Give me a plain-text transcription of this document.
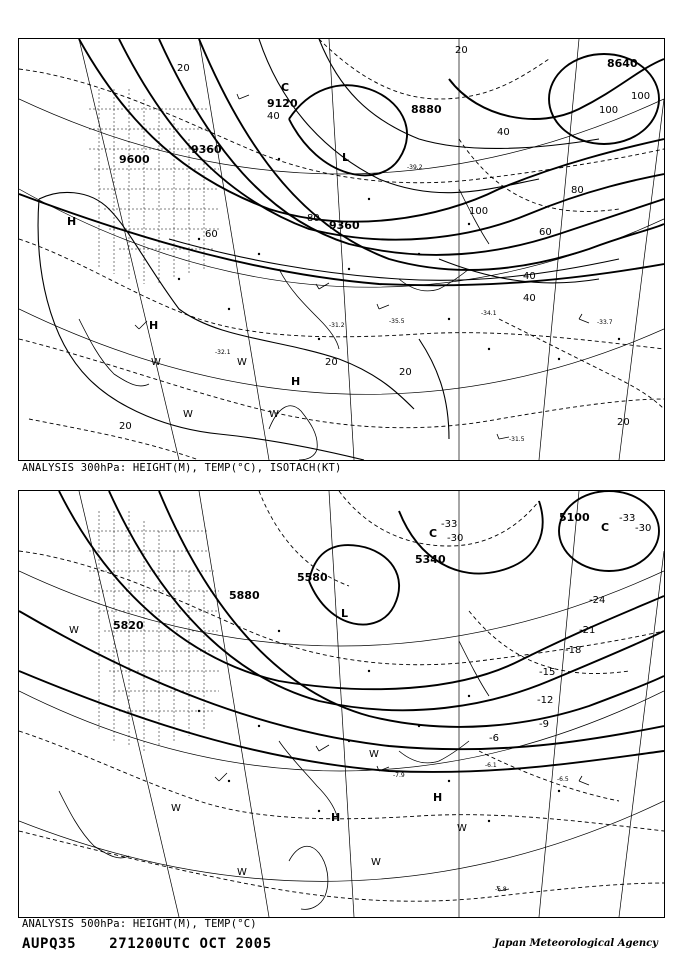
9120
9600
9360
8880
8640
9360
20
40
60
80
100
20
40
60
80
100
100
20
20
20
40
40
20
-31.5
-34.1
-33.7
-31.2
-35.5
-32.1
-39.2
H
H
H
L
C
W	W
W	W
ANALYSIS 300hPa: HEIGHT(M), TEMP(°C), ISOTACH(KT)
5820
5880
5580
5340
5100
-33
-30
-33
-30
-24
-21
-18
-15
-12
-9
-6
-7.9
-6.1
-5.8
-6.5
W
W
W
W
W
H
H
W
C
C
L
ANALYSIS 500hPa: HEIGHT(M), TEMP(°C)
AUPQ35 271200UTC OCT 2005	Japan Meteorological Agency
